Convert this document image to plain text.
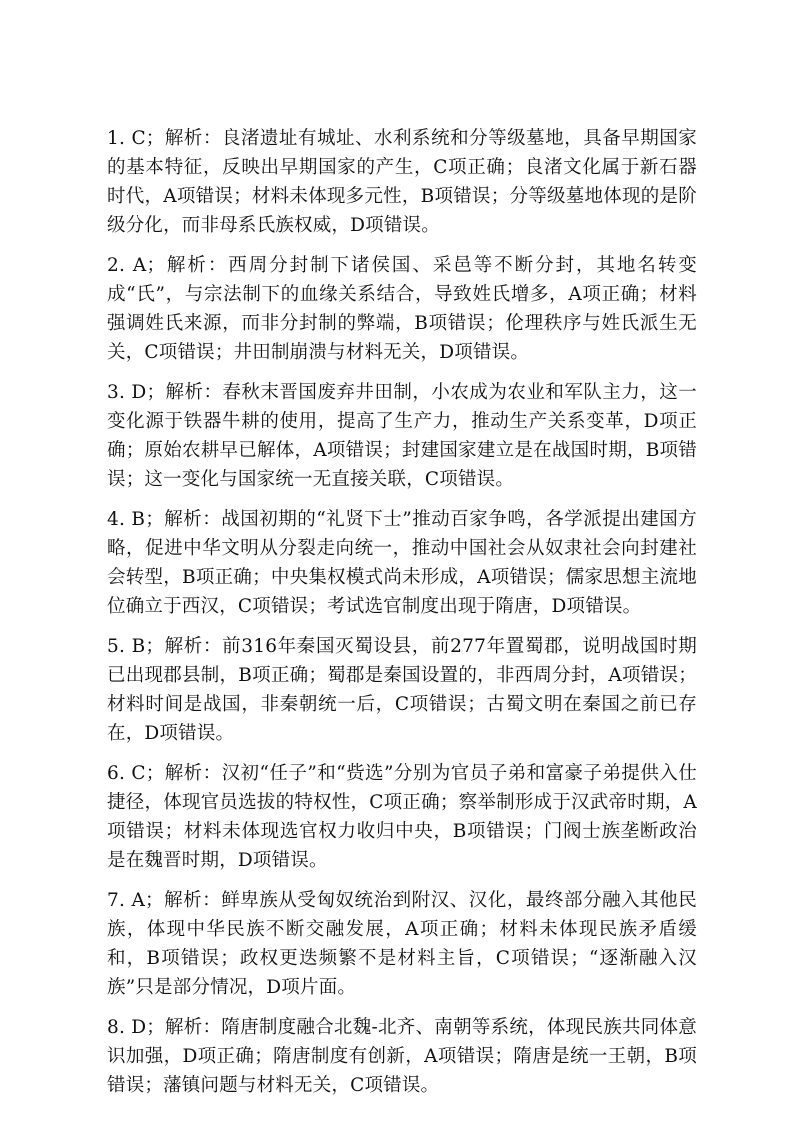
1. C；解析：良渚遗址有城址、水利系统和分等级墓地，具备早期国家的基本特征，反映出早期国家的产生，C项正确；良渚文化属于新石器时代，A项错误；材料未体现多元性，B项错误；分等级墓地体现的是阶级分化，而非母系氏族权威，D项错误。

2. A；解析：西周分封制下诸侯国、采邑等不断分封，其地名转变成“氏”，与宗法制下的血缘关系结合，导致姓氏增多，A项正确；材料强调姓氏来源，而非分封制的弊端，B项错误；伦理秩序与姓氏派生无关，C项错误；井田制崩溃与材料无关，D项错误。

3. D；解析：春秋末晋国废弃井田制，小农成为农业和军队主力，这一变化源于铁器牛耕的使用，提高了生产力，推动生产关系变革，D项正确；原始农耕早已解体，A项错误；封建国家建立是在战国时期，B项错误；这一变化与国家统一无直接关联，C项错误。

4. B；解析：战国初期的“礼贤下士”推动百家争鸣，各学派提出建国方略，促进中华文明从分裂走向统一，推动中国社会从奴隶社会向封建社会转型，B项正确；中央集权模式尚未形成，A项错误；儒家思想主流地位确立于西汉，C项错误；考试选官制度出现于隋唐，D项错误。

5. B；解析：前316年秦国灭蜀设县，前277年置蜀郡，说明战国时期已出现郡县制，B项正确；蜀郡是秦国设置的，非西周分封，A项错误；材料时间是战国，非秦朝统一后，C项错误；古蜀文明在秦国之前已存在，D项错误。

6. C；解析：汉初“任子”和“赀选”分别为官员子弟和富豪子弟提供入仕捷径，体现官员选拔的特权性，C项正确；察举制形成于汉武帝时期，A项错误；材料未体现选官权力收归中央，B项错误；门阀士族垄断政治是在魏晋时期，D项错误。

7. A；解析：鲜卑族从受匈奴统治到附汉、汉化，最终部分融入其他民族，体现中华民族不断交融发展，A项正确；材料未体现民族矛盾缓和，B项错误；政权更迭频繁不是材料主旨，C项错误；“逐渐融入汉族”只是部分情况，D项片面。

8. D；解析：隋唐制度融合北魏-北齐、南朝等系统，体现民族共同体意识加强，D项正确；隋唐制度有创新，A项错误；隋唐是统一王朝，B项错误；藩镇问题与材料无关，C项错误。
